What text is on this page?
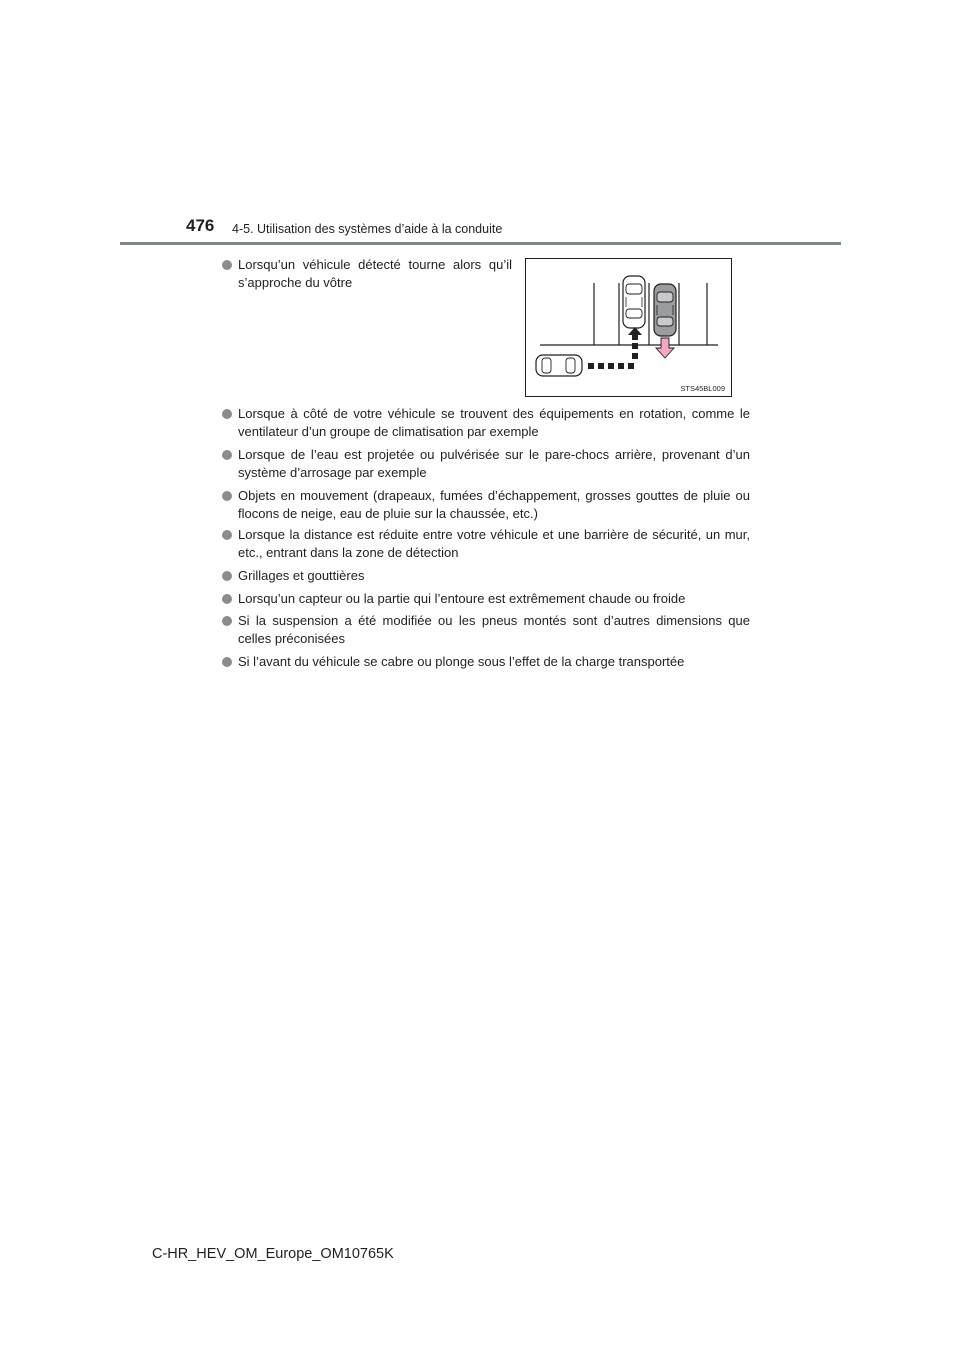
476 4-5. Utilisation des systèmes d’aide à la conduite
Lorsqu’un véhicule détecté tourne alors qu’il s’approche du vôtre
STS45BL009
Lorsque à côté de votre véhicule se trouvent des équipements en rotation, comme le ventilateur d’un groupe de climatisation par exemple
Lorsque de l’eau est projetée ou pulvérisée sur le pare-chocs arrière, provenant d’un système d’arrosage par exemple
Objets en mouvement (drapeaux, fumées d’échappement, grosses gouttes de pluie ou flocons de neige, eau de pluie sur la chaussée, etc.)
Lorsque la distance est réduite entre votre véhicule et une barrière de sécurité, un mur, etc., entrant dans la zone de détection
Grillages et gouttières
Lorsqu’un capteur ou la partie qui l’entoure est extrêmement chaude ou froide
Si la suspension a été modifiée ou les pneus montés sont d’autres dimensions que celles préconisées
Si l’avant du véhicule se cabre ou plonge sous l’effet de la charge transportée
C-HR_HEV_OM_Europe_OM10765K
